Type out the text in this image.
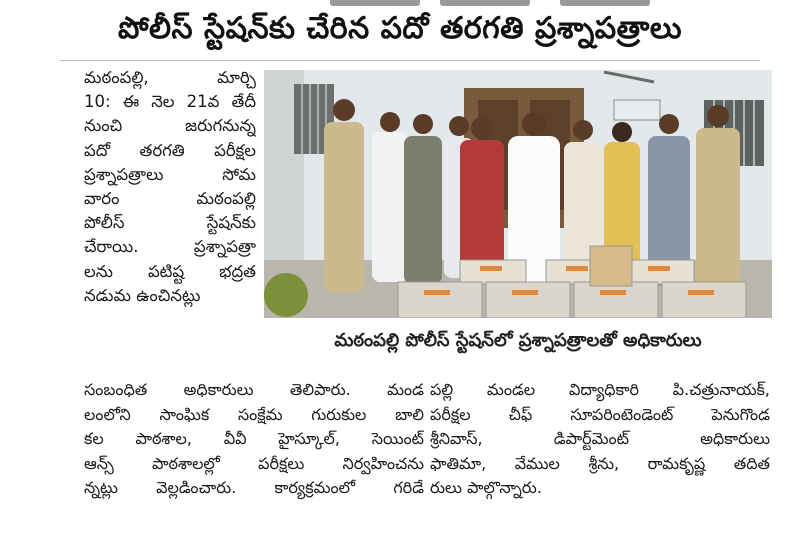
పోలీస్ స్టేషన్‌కు చేరిన పదో తరగతి ప్రశ్నాపత్రాలు
మఠంపల్లి, మార్చి
10: ఈ నెల 21వ తేదీ
నుంచి జరుగనున్న
పదో తరగతి పరీక్షల
ప్రశ్నాపత్రాలు సోమ
వారం మఠంపల్లి
పోలీస్ స్టేషన్‌కు
చేరాయి. ప్రశ్నాపత్రా
లను పటిష్ట భద్రత
నడుమ ఉంచినట్లు
మఠంపల్లి పోలీస్ స్టేషన్‌లో ప్రశ్నాపత్రాలతో అధికారులు
సంబంధిత అధికారులు తెలిపారు. మండ
లంలోని సాంఘిక సంక్షేమ గురుకుల బాలి
కల పాఠశాల, వీవీ హైస్కూల్, సెయింట్
ఆన్స్ పాఠశాలల్లో పరీక్షలు నిర్వహించను
న్నట్లు వెల్లడించారు. కార్యక్రమంలో గరిడే
పల్లి మండల విద్యాధికారి పి.చత్రునాయక్,
పరీక్షల చీఫ్ సూపరింటెండెంట్ పెనుగొండ
శ్రీనివాస్, డిపార్ట్‌మెంట్ అధికారులు
ఫాతిమా, వేముల శ్రీను, రామకృష్ణ తదిత
రులు పాల్గొన్నారు.
